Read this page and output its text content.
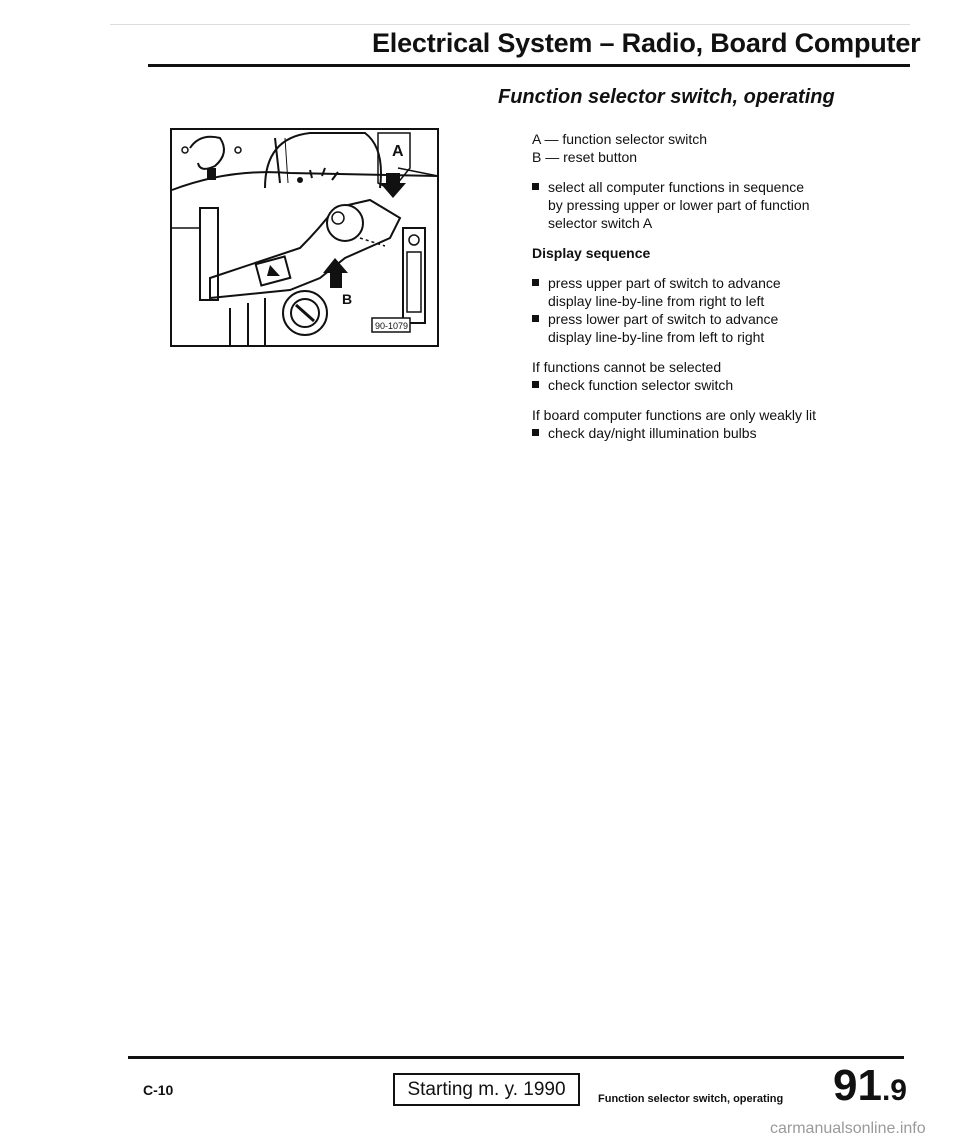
Electrical System – Radio, Board Computer
Function selector switch, operating
A
B
90-1079

A — function selector switch

B — reset button

select all computer functions in sequence

by pressing upper or lower part of function

selector switch A

Display sequence

press upper part of switch to advance

display line-by-line from right to left

press lower part of switch to advance

display line-by-line from left to right

If functions cannot be selected

check function selector switch

If board computer functions are only weakly lit

check day/night illumination bulbs

C-10	Starting m. y. 1990	Function selector switch, operating 91.9
carmanualsonline.info
